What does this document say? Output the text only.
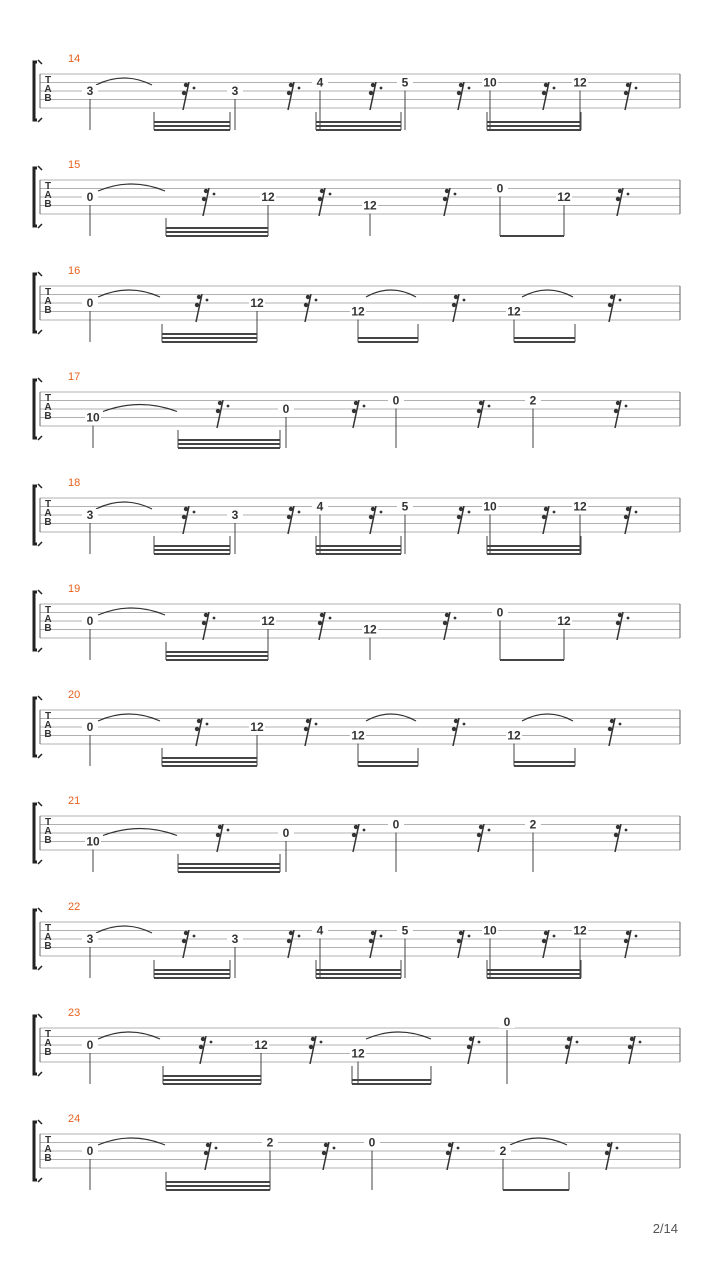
T
A
B
14
3	3
4	5	10	12
T
A
B
15
0	12
12
0
12
T
A
B
16
0	12
12	12
T
A
B
17
10
0
0	2
T
A
B
18
3	3
4	5	10	12
T
A
B
19
0	12
12
0
12
T
A
B
20
0	12
12	12
T
A
B
21
10
0
0	2
T
A
B
22
3	3
4	5	10	12
T
A
B
23
0	12
12
0
T
A
B
24
0
2	0
2
2/14
